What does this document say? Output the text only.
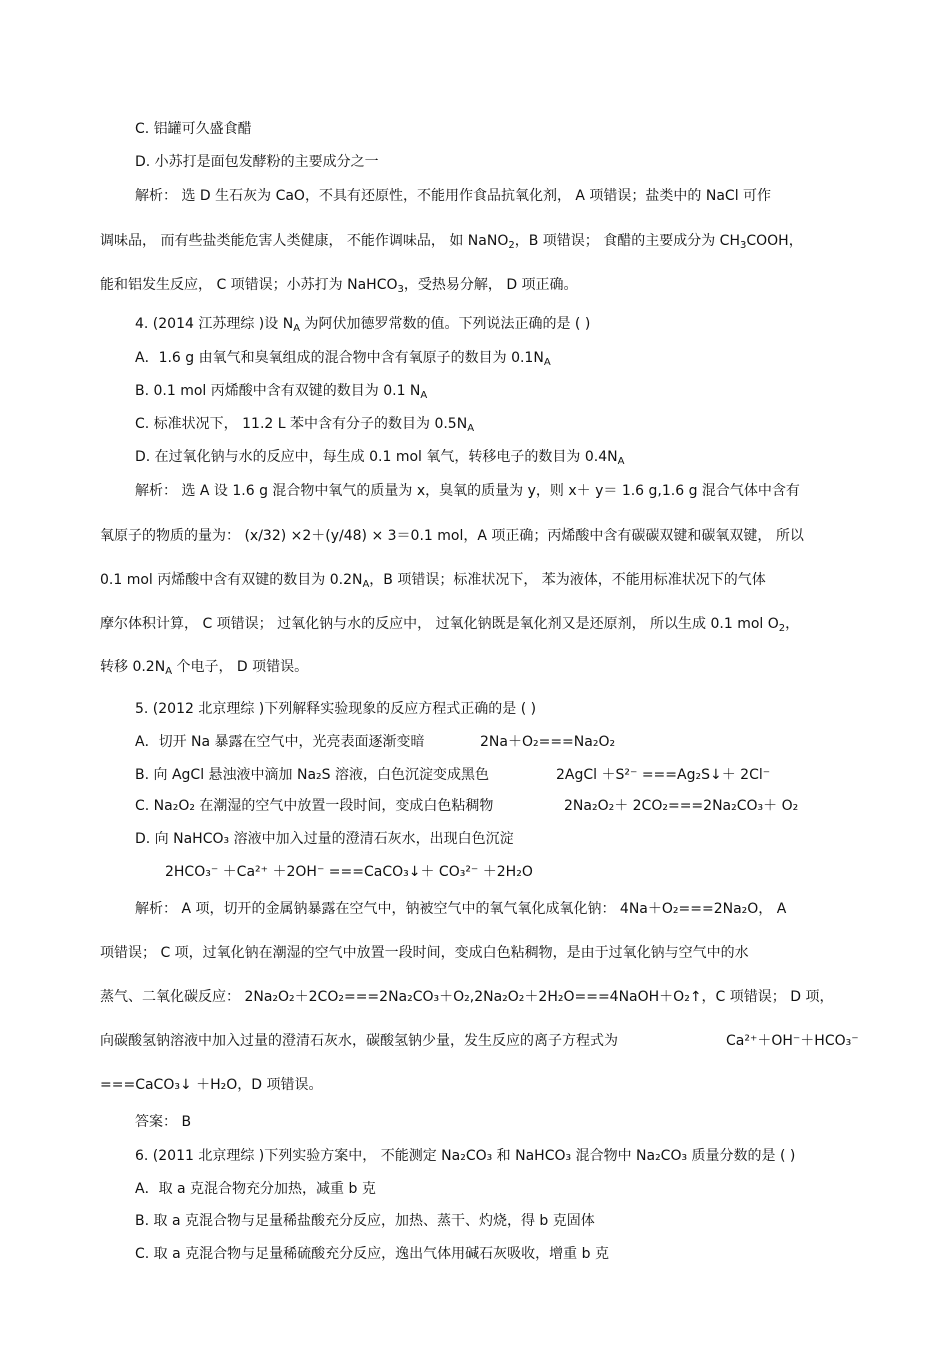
C. 铝罐可久盛食醋
D. 小苏打是面包发酵粉的主要成分之一
解析： 选 D 生石灰为 CaO，不具有还原性，不能用作食品抗氧化剂， A 项错误；盐类中的 NaCl 可作
调味品， 而有些盐类能危害人类健康， 不能作调味品， 如 NaNO$_2$，B 项错误； 食醋的主要成分为 $CH_3COOH$，
能和铝发生反应， C 项错误；小苏打为 NaHCO$_3$，受热易分解， D 项正确。
4. (2014 江苏理综 )设 $N_A$ 为阿伏加德罗常数的值。下列说法正确的是 ( )
A．1.6 g 由氧气和臭氧组成的混合物中含有氧原子的数目为 $0.1N_A$
B. 0.1 mol 丙烯酸中含有双键的数目为 0.1 $N_A$
C. 标准状况下， 11.2 L 苯中含有分子的数目为 $0.5N_A$
D. 在过氧化钠与水的反应中，每生成 0.1 mol 氧气，转移电子的数目为 $0.4N_A$
解析： 选 A 设 1.6 g 混合物中氧气的质量为 x，臭氧的质量为 y，则 x＋ y＝ 1.6 g,1.6 g 混合气体中含有
氧原子的物质的量为： (x/32) ×2＋(y/48) × 3＝0.1 mol，A 项正确；丙烯酸中含有碳碳双键和碳氧双键， 所以
0.1 mol 丙烯酸中含有双键的数目为 $0.2N_A$，B 项错误；标准状况下， 苯为液体，不能用标准状况下的气体
摩尔体积计算， C 项错误； 过氧化钠与水的反应中， 过氧化钠既是氧化剂又是还原剂， 所以生成 0.1 mol $O_2$，
转移 $0.2N_A$ 个电子， D 项错误。
5. (2012 北京理综 )下列解释实验现象的反应方程式正确的是 ( )
A．切开 Na 暴露在空气中，光亮表面逐渐变暗	2Na＋O₂===Na₂O₂
B. 向 AgCl 悬浊液中滴加 Na₂S 溶液，白色沉淀变成黑色	2AgCl ＋S²⁻ ===Ag₂S↓＋ 2Cl⁻
C. Na₂O₂ 在潮湿的空气中放置一段时间，变成白色粘稠物	2Na₂O₂＋ 2CO₂===2Na₂CO₃＋ O₂
D. 向 NaHCO₃ 溶液中加入过量的澄清石灰水，出现白色沉淀
2HCO₃⁻ ＋Ca²⁺ ＋2OH⁻ ===CaCO₃↓＋ CO₃²⁻ ＋2H₂O
解析： A 项，切开的金属钠暴露在空气中，钠被空气中的氧气氧化成氧化钠： 4Na＋O₂===2Na₂O， A
项错误； C 项，过氧化钠在潮湿的空气中放置一段时间，变成白色粘稠物，是由于过氧化钠与空气中的水
蒸气、二氧化碳反应： 2Na₂O₂＋2CO₂===2Na₂CO₃＋O₂,2Na₂O₂＋2H₂O===4NaOH＋O₂↑，C 项错误； D 项，
向碳酸氢钠溶液中加入过量的澄清石灰水，碳酸氢钠少量，发生反应的离子方程式为	Ca²⁺＋OH⁻＋HCO₃⁻
===CaCO₃↓ ＋H₂O，D 项错误。
答案： B
6. (2011 北京理综 )下列实验方案中， 不能测定 Na₂CO₃ 和 NaHCO₃ 混合物中 Na₂CO₃ 质量分数的是 ( )
A．取 a 克混合物充分加热，减重 b 克
B. 取 a 克混合物与足量稀盐酸充分反应，加热、蒸干、灼烧，得 b 克固体
C. 取 a 克混合物与足量稀硫酸充分反应，逸出气体用碱石灰吸收，增重 b 克
